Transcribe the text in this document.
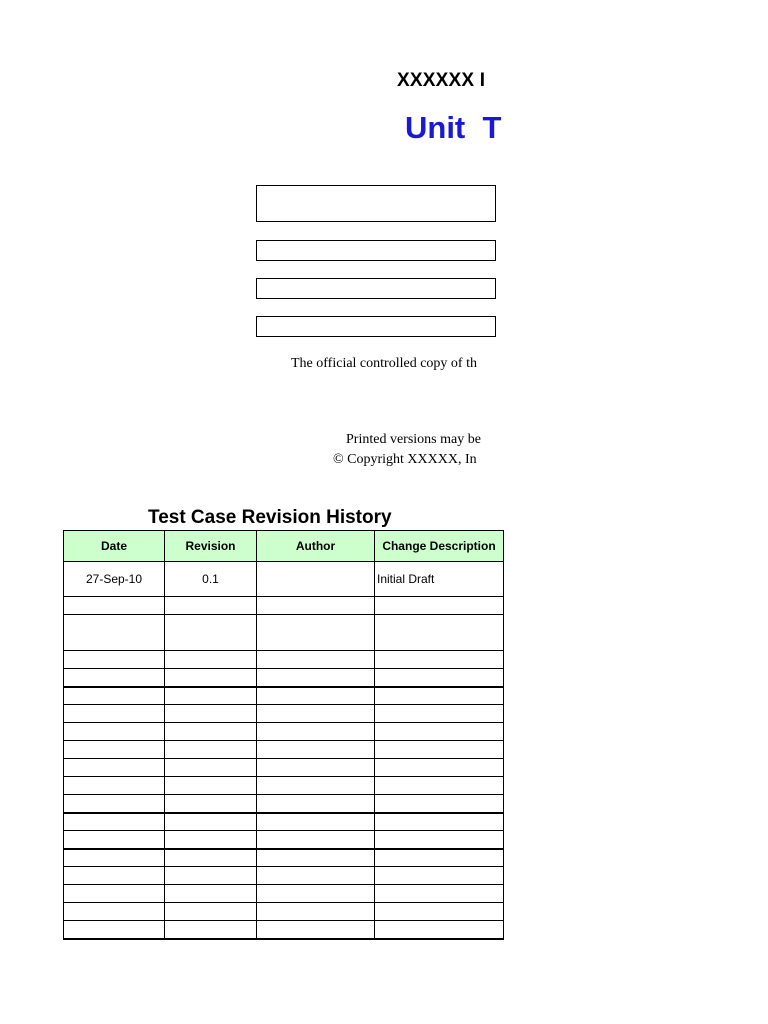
XXXXXX I
Unit  T
The official controlled copy of th
Printed versions may be
© Copyright XXXXX, In
Test Case Revision History
Date	Revision	Author	Change Description
27-Sep-10	0.1		Initial Draft
